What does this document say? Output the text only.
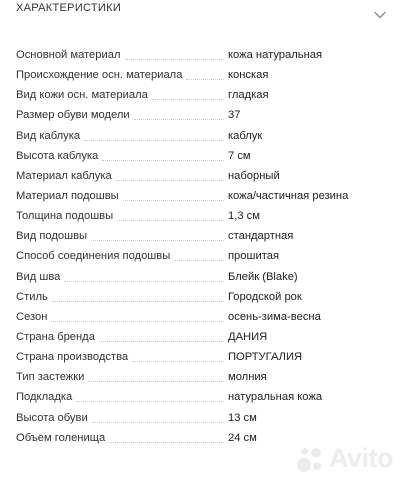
ХАРАКТЕРИСТИКИ
Основной материал	кожа натуральная
Происхождение осн. материала	конская
Вид кожи осн. материала	гладкая
Размер обуви модели	37
Вид каблука	каблук
Высота каблука	7 см
Материал каблука	наборный
Материал подошвы	кожа/частичная резина
Толщина подошвы	1,3 см
Вид подошвы	стандартная
Способ соединения подошвы	прошитая
Вид шва	Блейк (Blake)
Стиль	Городской рок
Сезон	осень-зима-весна
Страна бренда	ДАНИЯ
Страна производства	ПОРТУГАЛИЯ
Тип застежки	молния
Подкладка	натуральная кожа
Высота обуви	13 см
Объем голенища	24 см
Avito
